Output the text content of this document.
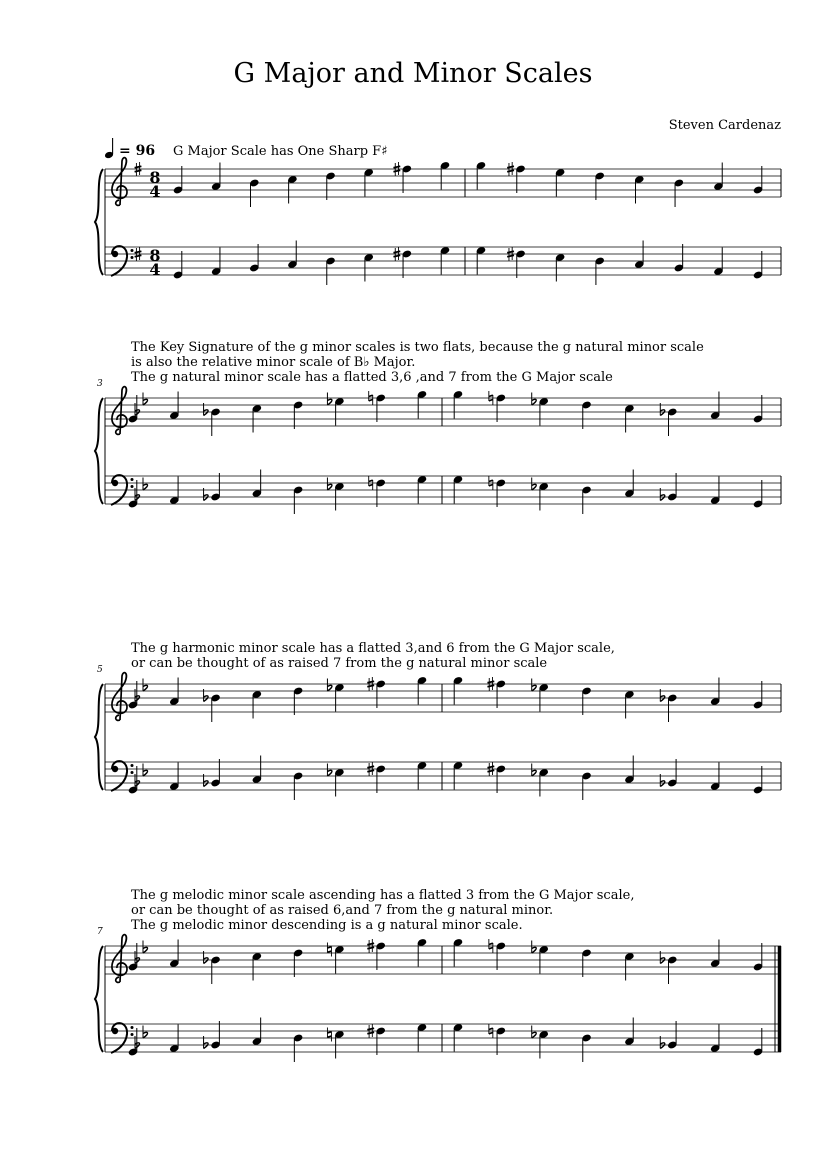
G Major and Minor Scales
Steven Cardenaz
= 96 G Major Scale has One Sharp F♯
8
4
8
4
The Key Signature of the g minor scales is two flats, because the g natural minor scale
is also the relative minor scale of B♭ Major.
The g natural minor scale has a flatted 3,6 ,and 7 from the G Major scale
3
The g harmonic minor scale has a flatted 3,and 6 from the G Major scale,
or can be thought of as raised 7 from the g natural minor scale
5
The g melodic minor scale ascending has a flatted 3 from the G Major scale,
or can be thought of as raised 6,and 7 from the g natural minor.
The g melodic minor descending is a g natural minor scale.
7
